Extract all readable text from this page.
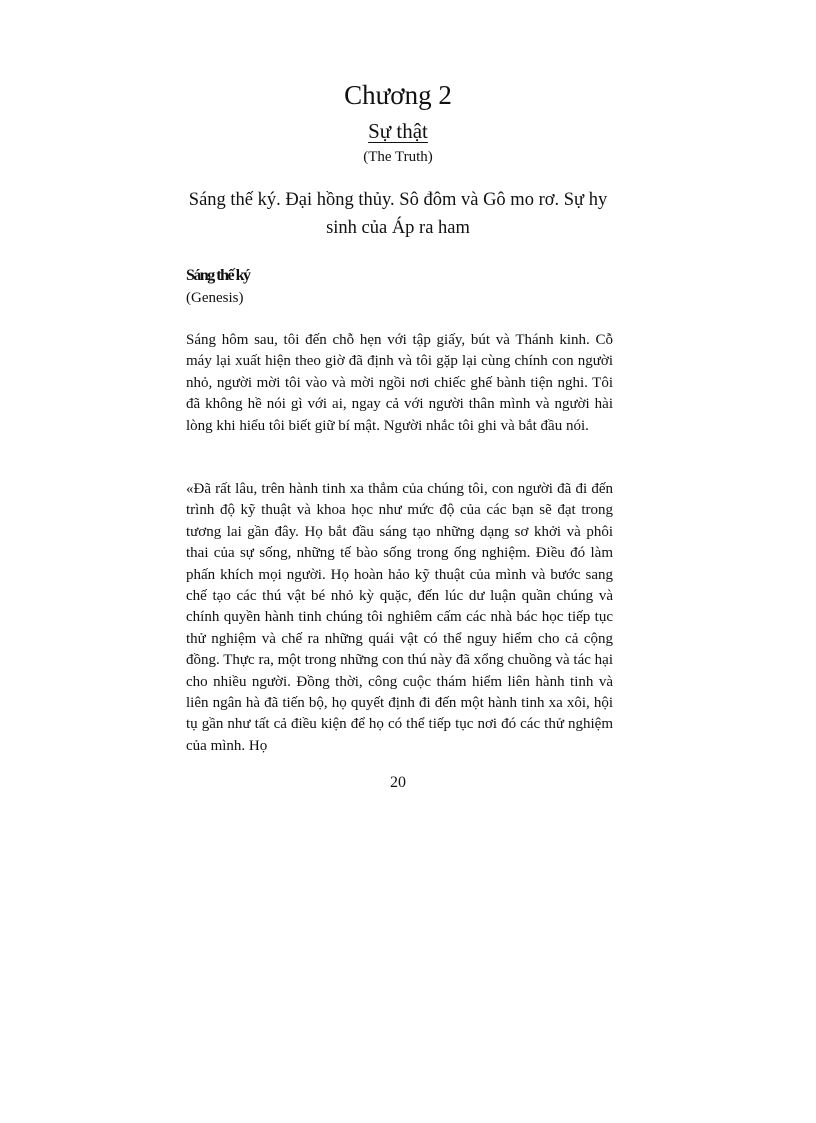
Chương 2
Sự thật
(The Truth)
Sáng thế ký. Đại hồng thủy. Sô đôm và Gô mo rơ. Sự hy sinh của Áp ra ham
Sáng thế ký
(Genesis)

Sáng hôm sau, tôi đến chỗ hẹn với tập giấy, bút và Thánh kinh. Cỗ máy lại xuất hiện theo giờ đã định và tôi gặp lại cùng chính con người nhỏ, người mời tôi vào và mời ngồi nơi chiếc ghế bành tiện nghi. Tôi đã không hề nói gì với ai, ngay cả với người thân mình và người hài lòng khi hiểu tôi biết giữ bí mật. Người nhắc tôi ghi và bắt đầu nói.

«Đã rất lâu, trên hành tinh xa thẳm của chúng tôi, con người đã đi đến trình độ kỹ thuật và khoa học như mức độ của các bạn sẽ đạt trong tương lai gần đây. Họ bắt đầu sáng tạo những dạng sơ khởi và phôi thai của sự sống, những tế bào sống trong ống nghiệm. Điều đó làm phấn khích mọi người. Họ hoàn hảo kỹ thuật của mình và bước sang chế tạo các thú vật bé nhỏ kỳ quặc, đến lúc dư luận quần chúng và chính quyền hành tinh chúng tôi nghiêm cấm các nhà bác học tiếp tục thử nghiệm và chế ra những quái vật có thể nguy hiểm cho cả cộng đồng. Thực ra, một trong những con thú này đã xổng chuồng và tác hại cho nhiều người. Đồng thời, công cuộc thám hiểm liên hành tinh và liên ngân hà đã tiến bộ, họ quyết định đi đến một hành tinh xa xôi, hội tụ gần như tất cả điều kiện để họ có thể tiếp tục nơi đó các thử nghiệm của mình. Họ

20
